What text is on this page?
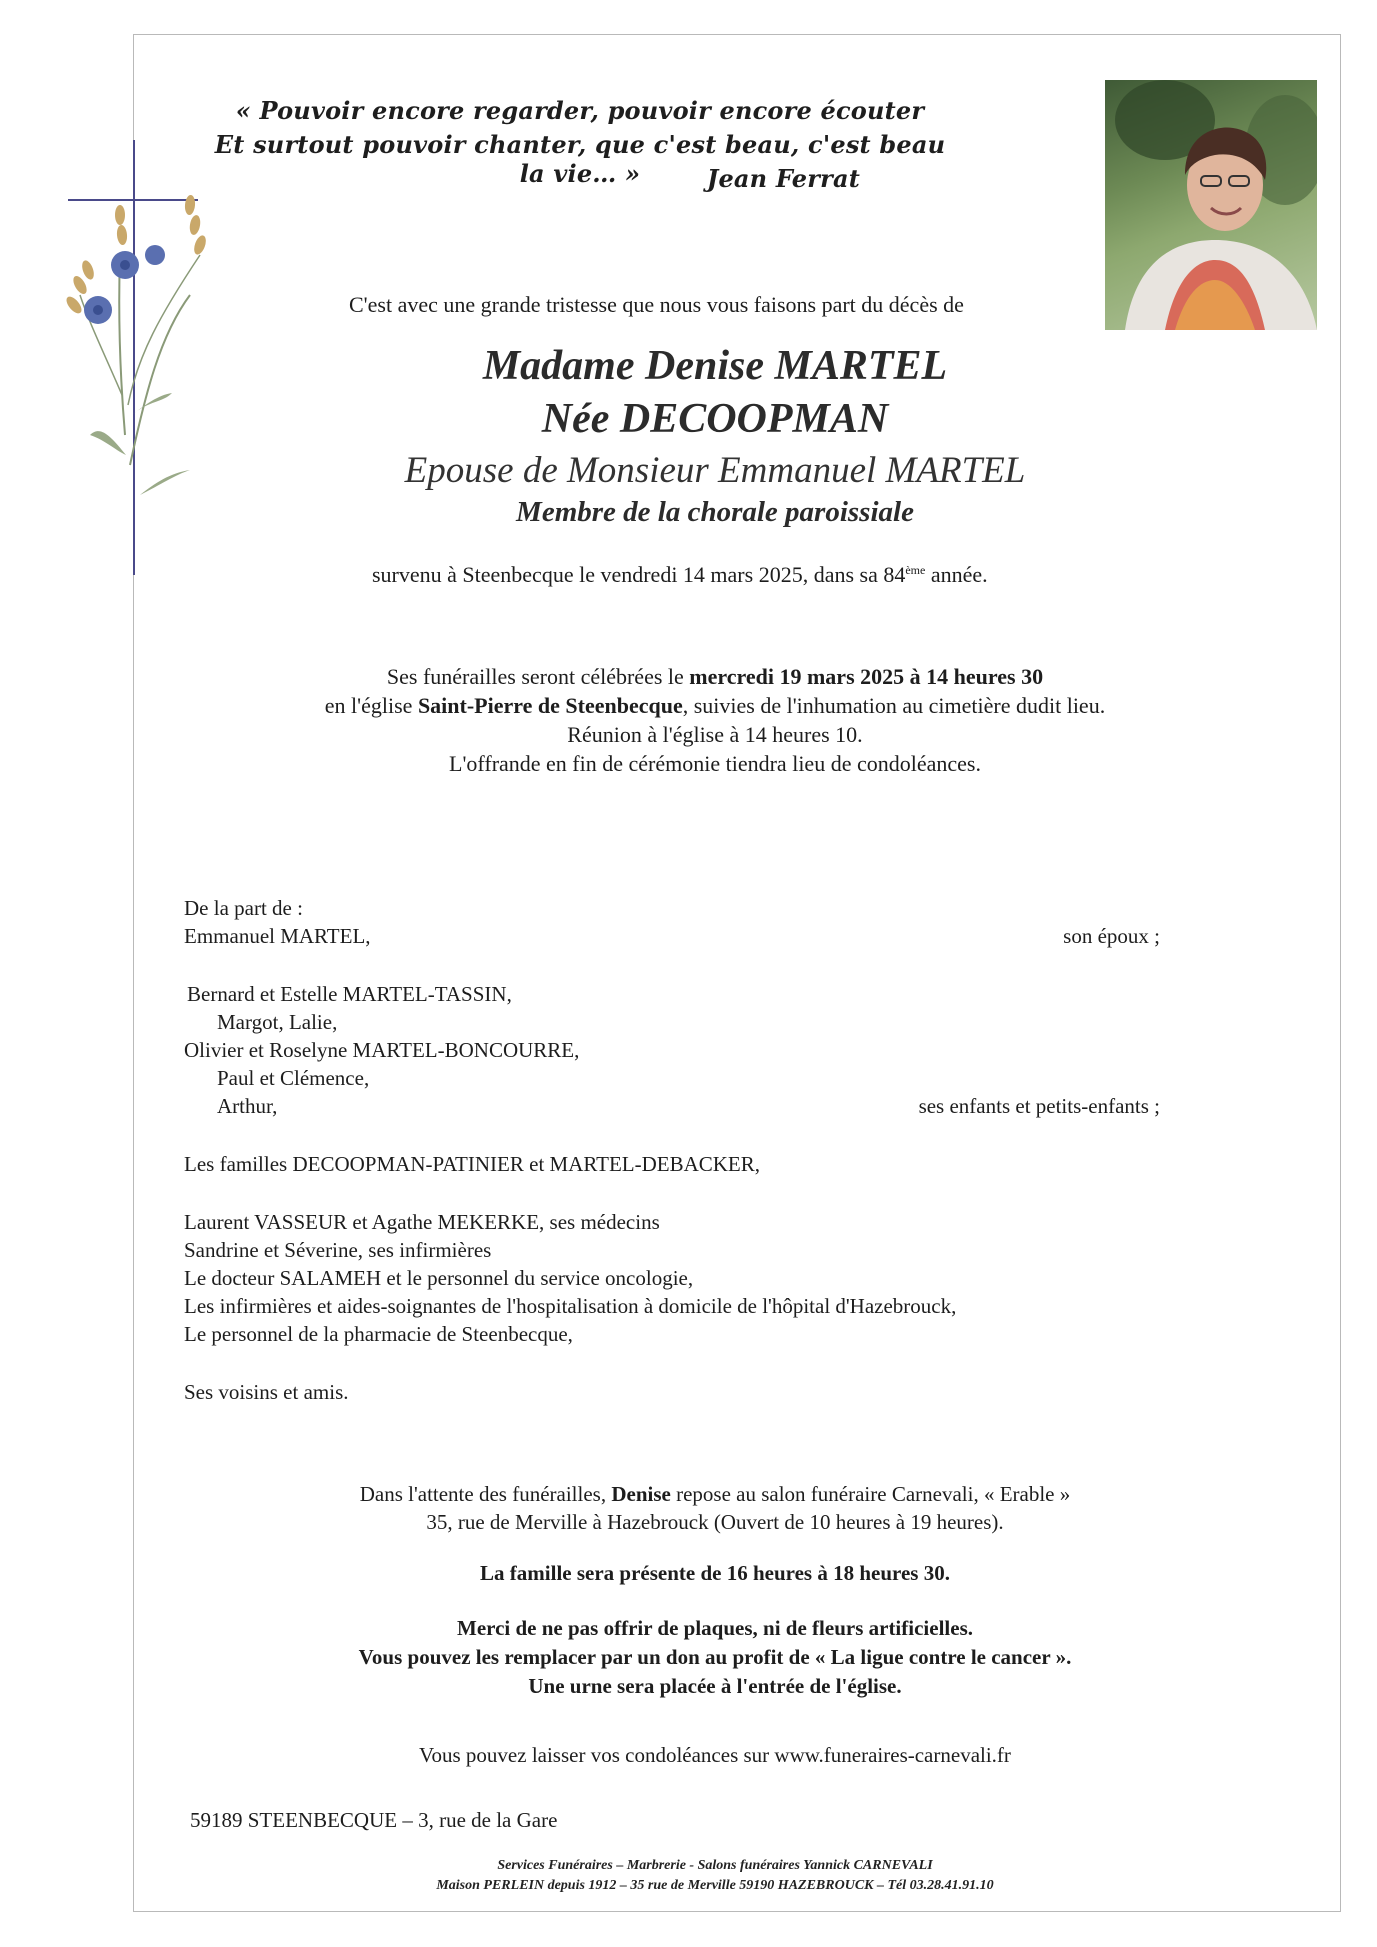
« Pouvoir encore regarder, pouvoir encore écouter
Et surtout pouvoir chanter, que c'est beau, c'est beau la vie… »	Jean Ferrat
C'est avec une grande tristesse que nous vous faisons part du décès de
Madame Denise MARTEL
Née DECOOPMAN
Epouse de Monsieur Emmanuel MARTEL
Membre de la chorale paroissiale
survenu à Steenbecque le vendredi 14 mars 2025, dans sa 84ème année.
Ses funérailles seront célébrées le mercredi 19 mars 2025 à 14 heures 30
en l'église Saint-Pierre de Steenbecque, suivies de l'inhumation au cimetière dudit lieu.
Réunion à l'église à 14 heures 10.
L'offrande en fin de cérémonie tiendra lieu de condoléances.
De la part de :
Emmanuel MARTEL,	son époux ;
Bernard et Estelle MARTEL-TASSIN,
Margot, Lalie,
Olivier et Roselyne MARTEL-BONCOURRE,
Paul et Clémence,
Arthur,	ses enfants et petits-enfants ;
Les familles DECOOPMAN-PATINIER et MARTEL-DEBACKER,
Laurent VASSEUR et Agathe MEKERKE, ses médecins
Sandrine et Séverine, ses infirmières
Le docteur SALAMEH et le personnel du service oncologie,
Les infirmières et aides-soignantes de l'hospitalisation à domicile de l'hôpital d'Hazebrouck,
Le personnel de la pharmacie de Steenbecque,
Ses voisins et amis.
Dans l'attente des funérailles, Denise repose au salon funéraire Carnevali, « Erable »
35, rue de Merville à Hazebrouck (Ouvert de 10 heures à 19 heures).
La famille sera présente de 16 heures à 18 heures 30.
Merci de ne pas offrir de plaques, ni de fleurs artificielles.
Vous pouvez les remplacer par un don au profit de « La ligue contre le cancer ».
Une urne sera placée à l'entrée de l'église.
Vous pouvez laisser vos condoléances sur www.funeraires-carnevali.fr
59189 STEENBECQUE – 3, rue de la Gare
Services Funéraires – Marbrerie - Salons funéraires Yannick CARNEVALI
Maison PERLEIN depuis 1912 – 35 rue de Merville 59190 HAZEBROUCK – Tél 03.28.41.91.10
